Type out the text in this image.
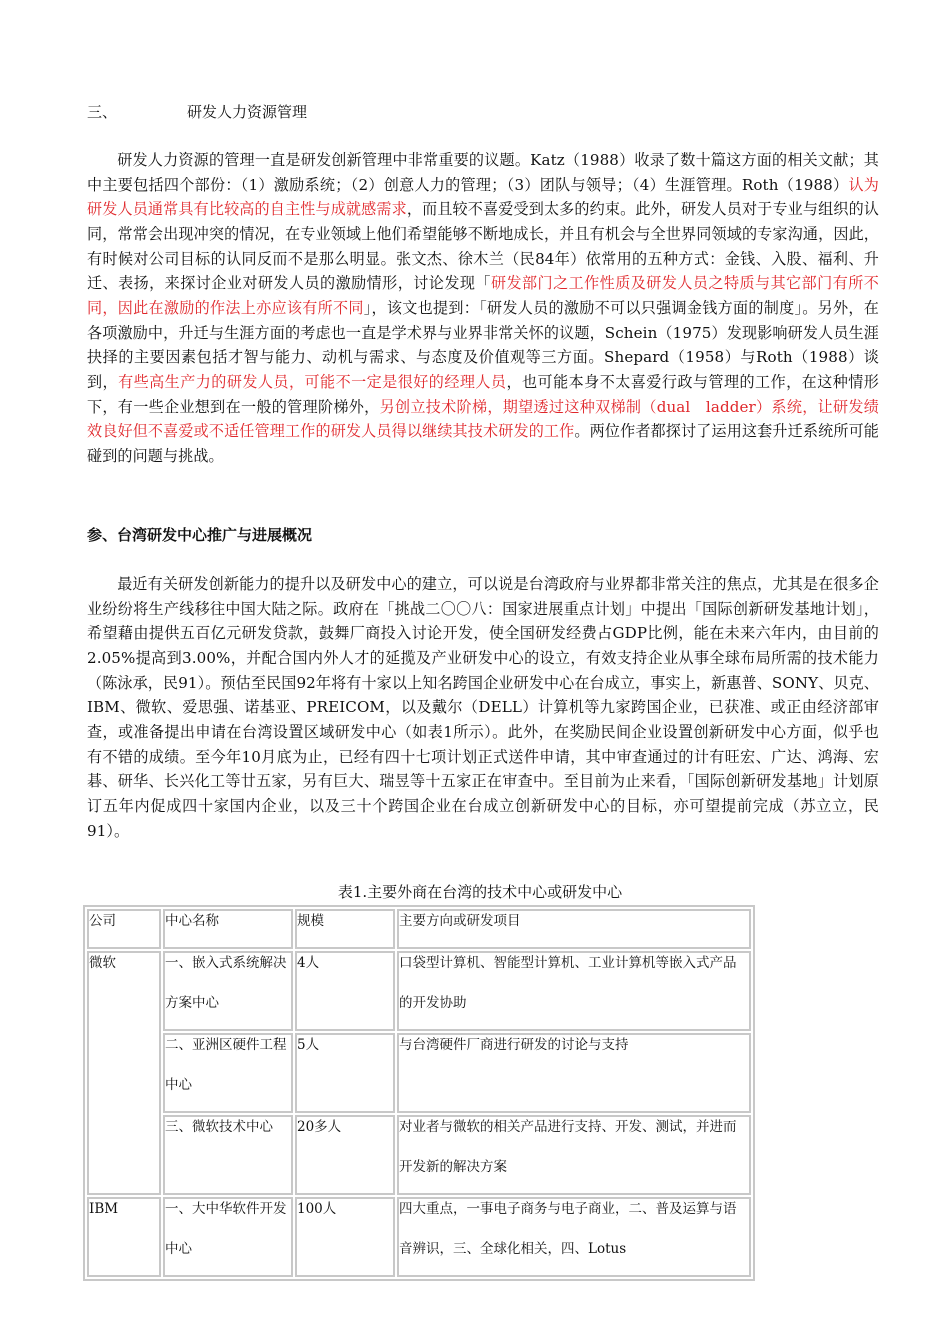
三、	研发人力资源管理

研发人力资源的管理一直是研发创新管理中非常重要的议题。Katz（1988）收录了数十篇这方面的相关文献；其中主要包括四个部份：（1）激励系统；（2）创意人力的管理；（3）团队与领导；（4）生涯管理。Roth（1988）认为研发人员通常具有比较高的自主性与成就感需求，而且较不喜爱受到太多的约束。此外，研发人员对于专业与组织的认同，常常会出现冲突的情况，在专业领域上他们希望能够不断地成长，并且有机会与全世界同领域的专家沟通，因此，有时候对公司目标的认同反而不是那么明显。张文杰、徐木兰（民84年）依常用的五种方式：金钱、入股、福利、升迁、表扬，来探讨企业对研发人员的激励情形，讨论发现「研发部门之工作性质及研发人员之特质与其它部门有所不同，因此在激励的作法上亦应该有所不同」，该文也提到：「研发人员的激励不可以只强调金钱方面的制度」。另外，在各项激励中，升迁与生涯方面的考虑也一直是学术界与业界非常关怀的议题，Schein（1975）发现影响研发人员生涯抉择的主要因素包括才智与能力、动机与需求、与态度及价值观等三方面。Shepard（1958）与Roth（1988）谈到，有些高生产力的研发人员，可能不一定是很好的经理人员，也可能本身不太喜爱行政与管理的工作，在这种情形下，有一些企业想到在一般的管理阶梯外，另创立技术阶梯，期望透过这种双梯制（dual　ladder）系统，让研发绩效良好但不喜爱或不适任管理工作的研发人员得以继续其技术研发的工作。两位作者都探讨了运用这套升迁系统所可能碰到的问题与挑战。

参、台湾研发中心推广与进展概况

最近有关研发创新能力的提升以及研发中心的建立，可以说是台湾政府与业界都非常关注的焦点，尤其是在很多企业纷纷将生产线移往中国大陆之际。政府在「挑战二〇〇八：国家进展重点计划」中提出「国际创新研发基地计划」，希望藉由提供五百亿元研发贷款，鼓舞厂商投入讨论开发，使全国研发经费占GDP比例，能在未来六年内，由目前的2.05%提高到3.00%，并配合国内外人才的延揽及产业研发中心的设立，有效支持企业从事全球布局所需的技术能力（陈泳承，民91）。预估至民国92年将有十家以上知名跨国企业研发中心在台成立，事实上，新惠普、SONY、贝克、IBM、微软、爱思强、诺基亚、PREICOM，以及戴尔（DELL）计算机等九家跨国企业，已获准、或正由经济部审查，或准备提出申请在台湾设置区域研发中心（如表1所示）。此外，在奖励民间企业设置创新研发中心方面，似乎也有不错的成绩。至今年10月底为止，已经有四十七项计划正式送件申请，其中审查通过的计有旺宏、广达、鸿海、宏碁、研华、长兴化工等廿五家，另有巨大、瑞昱等十五家正在审查中。至目前为止来看，「国际创新研发基地」计划原订五年内促成四十家国内企业，以及三十个跨国企业在台成立创新研发中心的目标，亦可望提前完成（苏立立，民91）。

表1.主要外商在台湾的技术中心或研发中心
公司	中心名称	规模	主要方向或研发项目

微软	一、嵌入式系统解决方案中心	4人	口袋型计算机、智能型计算机、工业计算机等嵌入式产品的开发协助

	二、亚洲区硬件工程中心	5人	与台湾硬件厂商进行研发的讨论与支持

	三、微软技术中心	20多人	对业者与微软的相关产品进行支持、开发、测试，并进而开发新的解决方案

IBM	一、大中华软件开发中心	100人	四大重点，一事电子商务与电子商业，二、普及运算与语音辨识，三、全球化相关，四、Lotus
